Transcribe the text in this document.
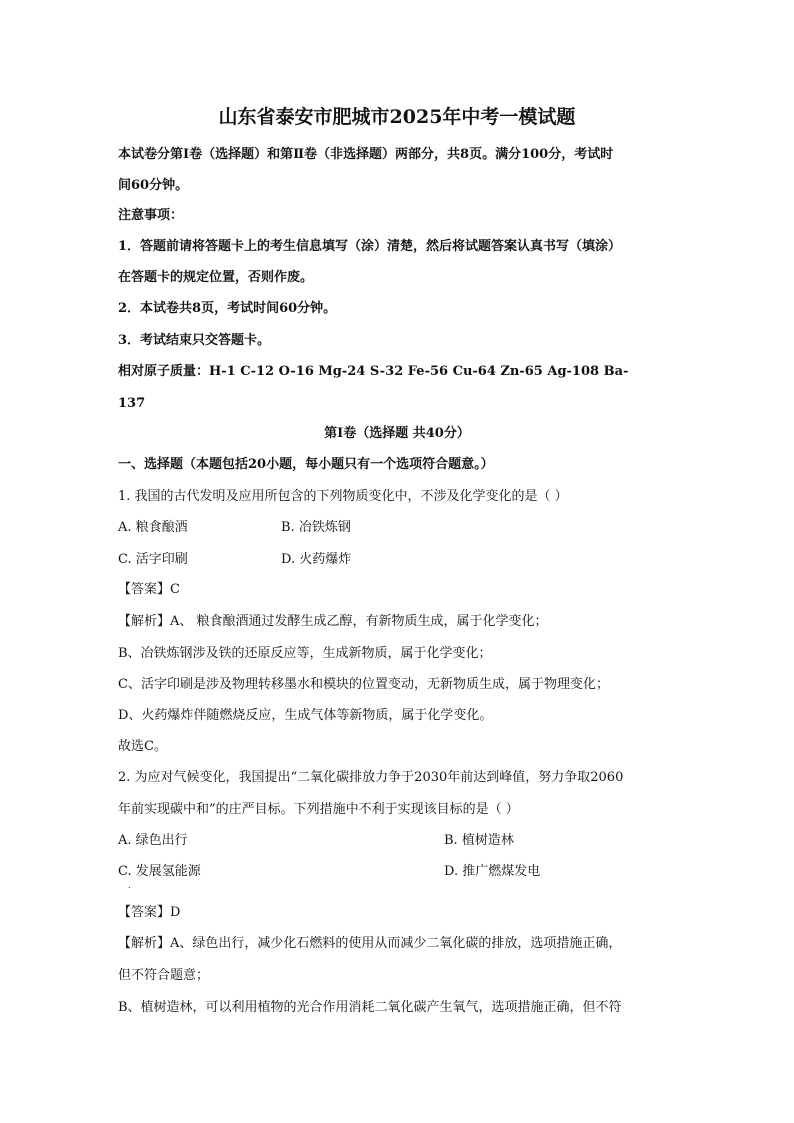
山东省泰安市肥城市2025年中考一模试题
本试卷分第Ⅰ卷（选择题）和第Ⅱ卷（非选择题）两部分，共8页。满分100分，考试时
间60分钟。
注意事项：
1．答题前请将答题卡上的考生信息填写（涂）清楚，然后将试题答案认真书写（填涂）
在答题卡的规定位置，否则作废。
2．本试卷共8页，考试时间60分钟。
3．考试结束只交答题卡。
相对原子质量：H-1 C-12 O-16 Mg-24 S-32 Fe-56 Cu-64 Zn-65 Ag-108 Ba-
137
第Ⅰ卷（选择题 共40分）
一、选择题（本题包括20小题，每小题只有一个选项符合题意。）
1. 我国的古代发明及应用所包含的下列物质变化中，不涉及化学变化的是（ ）
A. 粮食酿酒	B. 冶铁炼钢
C. 活字印刷	D. 火药爆炸
【答案】C
【解析】A、 粮食酿酒通过发酵生成乙醇，有新物质生成，属于化学变化；
B、冶铁炼钢涉及铁的还原反应等，生成新物质，属于化学变化；
C、活字印刷是涉及物理转移墨水和模块的位置变动，无新物质生成，属于物理变化；
D、火药爆炸伴随燃烧反应，生成气体等新物质，属于化学变化。
故选C。
2. 为应对气候变化，我国提出“二氧化碳排放力争于2030年前达到峰值，努力争取2060
年前实现碳中和”的庄严目标。下列措施中不利于实现该目标的是（ ）
A. 绿色出行	B. 植树造林
C. 发展氢能源	D. 推广燃煤发电
.
【答案】D
【解析】A、绿色出行，减少化石燃料的使用从而减少二氧化碳的排放，选项措施正确，
但不符合题意；
B、植树造林，可以利用植物的光合作用消耗二氧化碳产生氧气，选项措施正确，但不符
